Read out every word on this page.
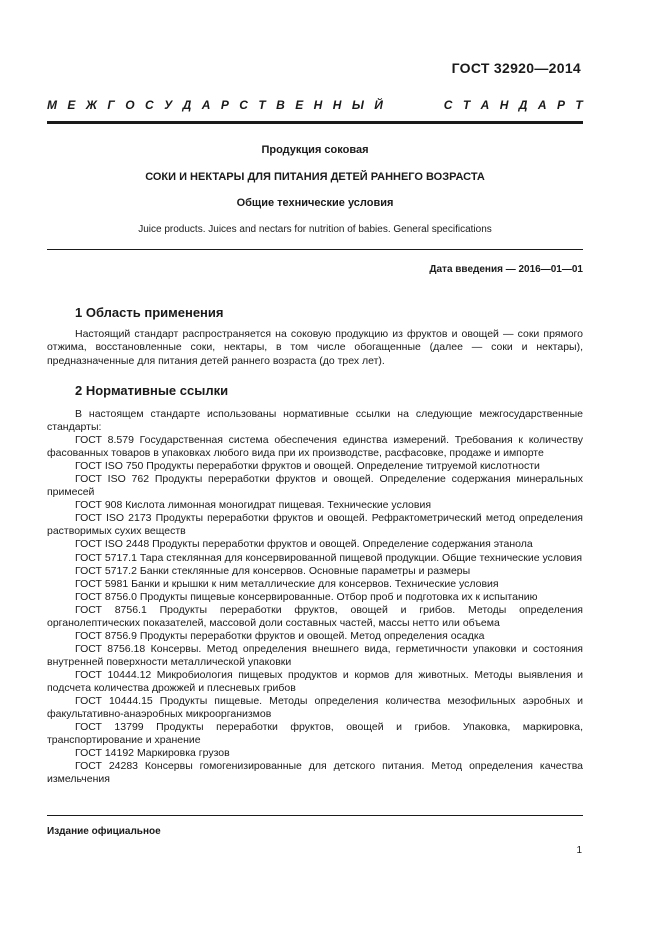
ГОСТ 32920—2014
М Е Ж Г О С У Д А Р С Т В Е Н Н Ы Й	С Т А Н Д А Р Т
Продукция соковая
СОКИ И НЕКТАРЫ ДЛЯ ПИТАНИЯ ДЕТЕЙ РАННЕГО ВОЗРАСТА
Общие технические условия
Juice products. Juices and nectars for nutrition of babies. General specifications
Дата введения — 2016—01—01
1 Область применения

Настоящий стандарт распространяется на соковую продукцию из фруктов и овощей — соки прямого отжима, восстановленные соки, нектары, в том числе обогащенные (далее — соки и нектары), предназначенные для питания детей раннего возраста (до трех лет).

2 Нормативные ссылки

В настоящем стандарте использованы нормативные ссылки на следующие межгосударственные стандарты:

ГОСТ 8.579 Государственная система обеспечения единства измерений. Требования к количеству фасованных товаров в упаковках любого вида при их производстве, расфасовке, продаже и импорте

ГОСТ ISO 750 Продукты переработки фруктов и овощей. Определение титруемой кислотности

ГОСТ ISO 762 Продукты переработки фруктов и овощей. Определение содержания минеральных примесей

ГОСТ 908 Кислота лимонная моногидрат пищевая. Технические условия

ГОСТ ISO 2173 Продукты переработки фруктов и овощей. Рефрактометрический метод определения растворимых сухих веществ

ГОСТ ISO 2448 Продукты переработки фруктов и овощей. Определение содержания этанола

ГОСТ 5717.1 Тара стеклянная для консервированной пищевой продукции. Общие технические условия

ГОСТ 5717.2 Банки стеклянные для консервов. Основные параметры и размеры

ГОСТ 5981 Банки и крышки к ним металлические для консервов. Технические условия

ГОСТ 8756.0 Продукты пищевые консервированные. Отбор проб и подготовка их к испытанию

ГОСТ 8756.1 Продукты переработки фруктов, овощей и грибов. Методы определения органолептических показателей, массовой доли составных частей, массы нетто или объема

ГОСТ 8756.9 Продукты переработки фруктов и овощей. Метод определения осадка

ГОСТ 8756.18 Консервы. Метод определения внешнего вида, герметичности упаковки и состояния внутренней поверхности металлической упаковки

ГОСТ 10444.12 Микробиология пищевых продуктов и кормов для животных. Методы выявления и подсчета количества дрожжей и плесневых грибов

ГОСТ 10444.15 Продукты пищевые. Методы определения количества мезофильных аэробных и факультативно-анаэробных микроорганизмов

ГОСТ 13799 Продукты переработки фруктов, овощей и грибов. Упаковка, маркировка, транспортирование и хранение

ГОСТ 14192 Маркировка грузов

ГОСТ 24283 Консервы гомогенизированные для детского питания. Метод определения качества измельчения

Издание официальное
1
